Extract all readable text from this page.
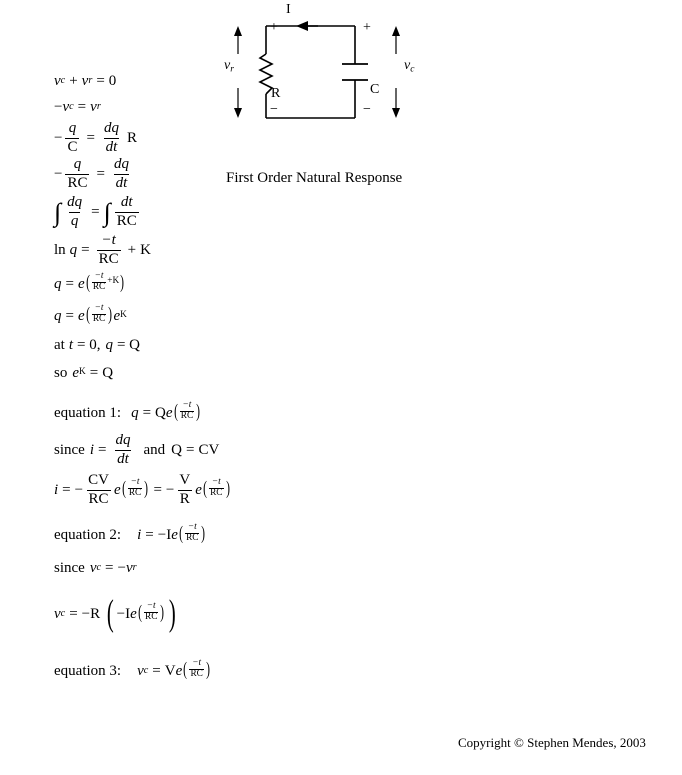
I
+
−
+
−
R	C
$v_r$	$v_c$
First Order Natural Response
v c + v r = 0
− v c = v r
− $\frac{q}{C} = \frac{dq}{dt}$ R
− $\frac{q}{RC} = \frac{dq}{dt}$
∫ $\frac{dq}{q}$ = ∫ $\frac{dt}{RC}$
$\ln q = \frac{-t}{RC} + K$
q = e ( $\frac{-t}{RC} + K$ )
q = e ( $\frac{-t}{RC}$ ) e K
at t = 0, q = Q
so e K = Q
equation 1: q = Q e ( $\frac{-t}{RC}$ )
since $i = \frac{dq}{dt}$ and Q = CV
i = − $\frac{CV}{RC}$ e ( $\frac{-t}{RC}$ ) = − $\frac{V}{R}$ e ( $\frac{-t}{RC}$ )
equation 2: i = − I e ( $\frac{-t}{RC}$ )
since v c = − v r
v c = − R ( − I e ( $\frac{-t}{RC}$ ) )
equation 3: v c = V e ( $\frac{-t}{RC}$ )
Copyright © Stephen Mendes, 2003
